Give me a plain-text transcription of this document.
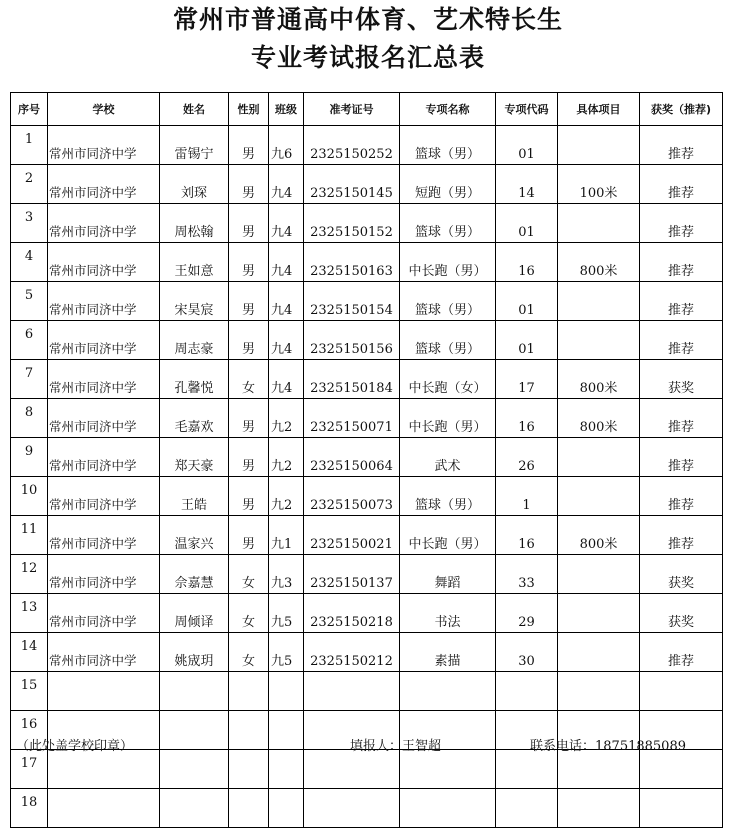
常州市普通高中体育、艺术特长生
专业考试报名汇总表
序号	学校	姓名	性别	班级	准考证号	专项名称	专项代码	具体项目	获奖（推荐)
1	常州市同济中学	雷锡宁	男	九6	2325150252	篮球（男）	01		推荐
2	常州市同济中学	刘琛	男	九4	2325150145	短跑（男）	14	100米	推荐
3	常州市同济中学	周松翰	男	九4	2325150152	篮球（男）	01		推荐
4	常州市同济中学	王如意	男	九4	2325150163	中长跑（男）	16	800米	推荐
5	常州市同济中学	宋昊宸	男	九4	2325150154	篮球（男）	01		推荐
6	常州市同济中学	周志豪	男	九4	2325150156	篮球（男）	01		推荐
7	常州市同济中学	孔馨悦	女	九4	2325150184	中长跑（女）	17	800米	获奖
8	常州市同济中学	毛嘉欢	男	九2	2325150071	中长跑（男）	16	800米	推荐
9	常州市同济中学	郑天豪	男	九2	2325150064	武术	26		推荐
10	常州市同济中学	王皓	男	九2	2325150073	篮球（男）	1		推荐
11	常州市同济中学	温家兴	男	九1	2325150021	中长跑（男）	16	800米	推荐
12	常州市同济中学	佘嘉慧	女	九3	2325150137	舞蹈	33		获奖
13	常州市同济中学	周倾译	女	九5	2325150218	书法	29		获奖
14	常州市同济中学	姚宬玥	女	九5	2325150212	素描	30		推荐
15									
16									
17									
18									
（此处盖学校印章）	填报人：王智超	联系电话：18751885089
